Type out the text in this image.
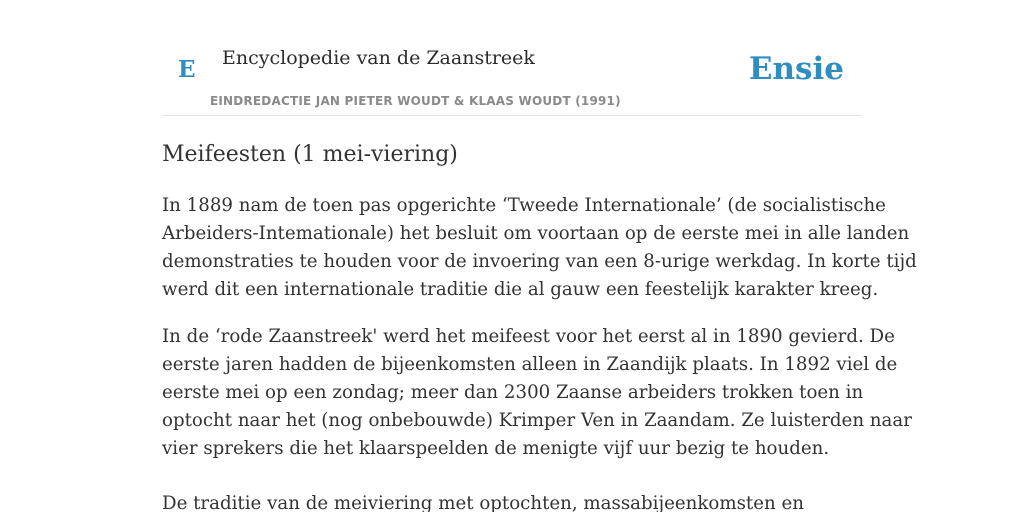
E Encyclopedie van de Zaanstreek
EINDREDACTIE JAN PIETER WOUDT & KLAAS WOUDT (1991)
Ensie
Meifeesten (1 mei-viering)

In 1889 nam de toen pas opgerichte ‘Tweede Internationale’ (de socialistische
Arbeiders-Intemationale) het besluit om voortaan op de eerste mei in alle landen
demonstraties te houden voor de invoering van een 8-urige werkdag. In korte tijd
werd dit een internationale traditie die al gauw een feestelijk karakter kreeg.

In de ‘rode Zaanstreek' werd het meifeest voor het eerst al in 1890 gevierd. De
eerste jaren hadden de bijeenkomsten alleen in Zaandijk plaats. In 1892 viel de
eerste mei op een zondag; meer dan 2300 Zaanse arbeiders trokken toen in
optocht naar het (nog onbebouwde) Krimper Ven in Zaandam. Ze luisterden naar
vier sprekers die het klaarspeelden de menigte vijf uur bezig te houden.

De traditie van de meiviering met optochten, massabijeenkomsten en
